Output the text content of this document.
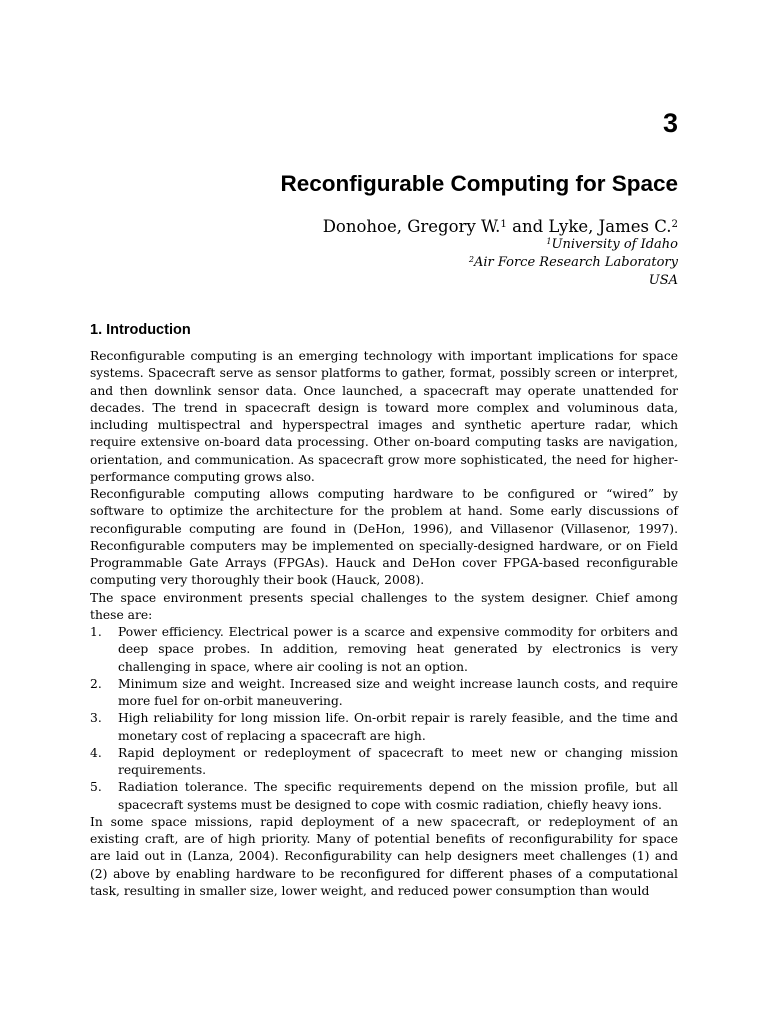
3
Reconfigurable Computing for Space
Donohoe, Gregory W.$^1$ and Lyke, James C.$^2$
$^1$University of Idaho
$^2$Air Force Research Laboratory
USA
1. Introduction

Reconfigurable computing is an emerging technology with important implications for space systems. Spacecraft serve as sensor platforms to gather, format, possibly screen or interpret, and then downlink sensor data. Once launched, a spacecraft may operate unattended for decades. The trend in spacecraft design is toward more complex and voluminous data, including multispectral and hyperspectral images and synthetic aperture radar, which require extensive on-board data processing. Other on-board computing tasks are navigation, orientation, and communication. As spacecraft grow more sophisticated, the need for higher-performance computing grows also.

Reconfigurable computing allows computing hardware to be configured or “wired” by software to optimize the architecture for the problem at hand. Some early discussions of reconfigurable computing are found in (DeHon, 1996), and Villasenor (Villasenor, 1997). Reconfigurable computers may be implemented on specially-designed hardware, or on Field Programmable Gate Arrays (FPGAs). Hauck and DeHon cover FPGA-based reconfigurable computing very thoroughly their book (Hauck, 2008).

The space environment presents special challenges to the system designer. Chief among these are:

1. Power efficiency. Electrical power is a scarce and expensive commodity for orbiters and deep space probes. In addition, removing heat generated by electronics is very challenging in space, where air cooling is not an option.
2. Minimum size and weight. Increased size and weight increase launch costs, and require more fuel for on-orbit maneuvering.
3. High reliability for long mission life. On-orbit repair is rarely feasible, and the time and monetary cost of replacing a spacecraft are high.
4. Rapid deployment or redeployment of spacecraft to meet new or changing mission requirements.
5. Radiation tolerance. The specific requirements depend on the mission profile, but all spacecraft systems must be designed to cope with cosmic radiation, chiefly heavy ions.

In some space missions, rapid deployment of a new spacecraft, or redeployment of an existing craft, are of high priority. Many of potential benefits of reconfigurability for space are laid out in (Lanza, 2004). Reconfigurability can help designers meet challenges (1) and (2) above by enabling hardware to be reconfigured for different phases of a computational task, resulting in smaller size, lower weight, and reduced power consumption than would
